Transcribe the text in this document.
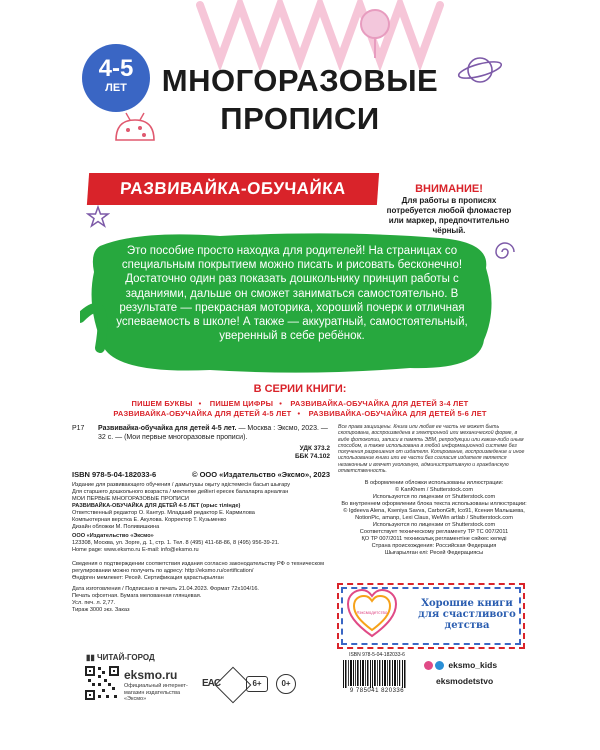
4-5
ЛЕТ	МНОГОРАЗОВЫЕ
ПРОПИСИ
РАЗВИВАЙКА-ОБУЧАЙКА	ВНИМАНИЕ!
Для работы в прописях потребуется любой фломастер или маркер, предпочтительно чёрный.
Это пособие просто находка для родителей! На страницах со специальным покрытием можно писать и рисовать бесконечно! Достаточно один раз показать дошкольнику принцип работы с заданиями, дальше он сможет заниматься самостоятельно. В результате — прекрасная моторика, хороший почерк и отличная успеваемость в школе! А также — аккуратный, самостоятельный, уверенный в себе ребёнок.
В СЕРИИ КНИГИ:
ПИШЕМ БУКВЫ • ПИШЕМ ЦИФРЫ • РАЗВИВАЙКА-ОБУЧАЙКА ДЛЯ ДЕТЕЙ 3-4 ЛЕТ
РАЗВИВАЙКА-ОБУЧАЙКА ДЛЯ ДЕТЕЙ 4-5 ЛЕТ • РАЗВИВАЙКА-ОБУЧАЙКА ДЛЯ ДЕТЕЙ 5-6 ЛЕТ
Р17	Развивайка-обучайка для детей 4-5 лет. — Москва : Эксмо, 2023. — 32 с. — (Мои первые многоразовые прописи).
УДК 373.2
ББК 74.102
Все права защищены. Книга или любая ее часть не может быть скопирована, воспроизведена в электронной или механической форме, в виде фотокопии, записи в память ЭВМ, репродукции или каким-либо иным способом, а также использована в любой информационной системе без получения разрешения от издателя. Копирование, воспроизведение и иное использование книги или ее части без согласия издателя является незаконным и влечет уголовную, административную и гражданскую ответственность.
ISBN 978-5-04-182033-6	© ООО «Издательство «Эксмо», 2023
Издание для развивающего обучения / дамытушы оқыту әдістемесін басып шығару
Для старшего дошкольного возраста / мектепке дейінгі ересек балаларға арналған
МОИ ПЕРВЫЕ МНОГОРАЗОВЫЕ ПРОПИСИ
РАЗВИВАЙКА-ОБУЧАЙКА ДЛЯ ДЕТЕЙ 4-5 ЛЕТ (орыс тілінде)
Ответственный редактор О. Кантур. Младший редактор Е. Кармилова
Компьютерная верстка Е. Акулова. Корректор Т. Кузьменко
Дизайн обложки М. Поливишкина
ООО «Издательство «Эксмо»
123308, Москва, ул. Зорге, д. 1, стр. 1. Тел. 8 (495) 411-68-86, 8 (495) 956-39-21.
Home page: www.eksmo.ru E-mail: info@eksmo.ru
Сведения о подтверждении соответствия издания согласно законодательству РФ о техническом регулировании можно получить по адресу: http://eksmo.ru/certification/
Өндірген мемлекет: Ресей. Сертификация қарастырылған
Дата изготовления / Подписано в печать 21.04.2023. Формат 72x104/16.
Печать офсетная. Бумага мелованная глянцевая.
Усл. печ. л. 2,77.
Тираж 3000 экз. Заказ
В оформлении обложки использованы иллюстрации:
© KanKhem / Shutterstock.com
Используются по лицензии от Shutterstock.com
Во внутреннем оформлении блока текста использованы иллюстрации:
© Igdeeva Alena, Kseniya Savva, CarbonGift, Ico91, Ксения Малышева, NotionPic, amanp, Lexi Claus, WeWin artlab / Shutterstock.com
Используются по лицензии от Shutterstock.com
Соответствует техническому регламенту ТР ТС 007/2011
ҚО ТР 007/2011 техникалық регламентіне сәйкес келеді
Страна происхождения: Российская Федерация
Шығарылған елі: Ресей Федерациясы
#эксмодетство
Хорошие книги для счастливого детства
ISBN 978-5-04-182033-6
9 785041 820336
eksmo_kids
eksmodetstvo
▮▮ ЧИТАЙ-ГОРОД
eksmo.ru
Официальный интернет-магазин издательства «Эксмо»
EAC	6+	0+
